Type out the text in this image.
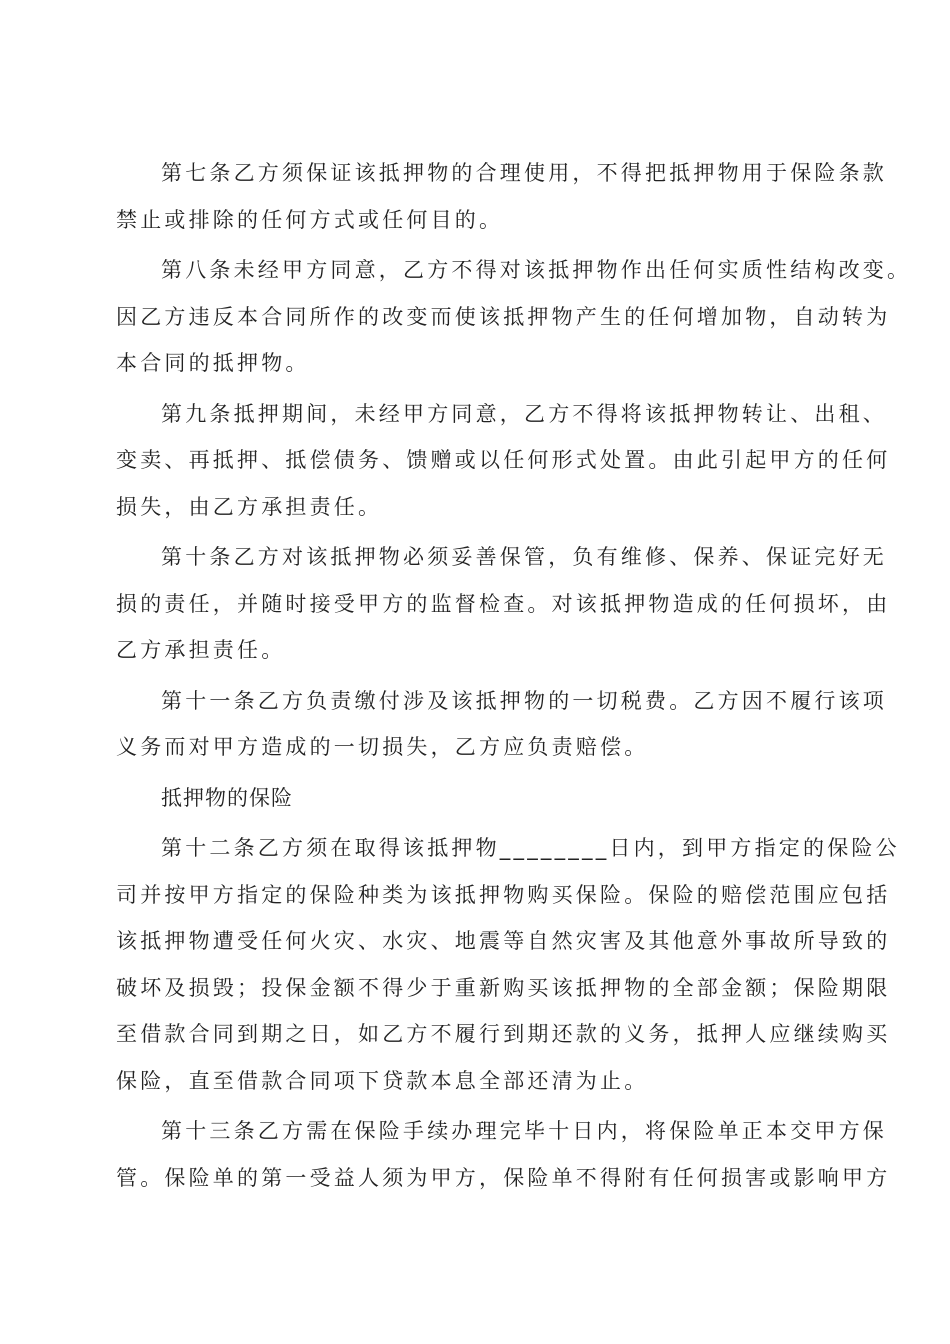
第七条乙方须保证该抵押物的合理使用，不得把抵押物用于保险条款

禁止或排除的任何方式或任何目的。

第八条未经甲方同意，乙方不得对该抵押物作出任何实质性结构改变。

因乙方违反本合同所作的改变而使该抵押物产生的任何增加物，自动转为

本合同的抵押物。

第九条抵押期间，未经甲方同意，乙方不得将该抵押物转让、出租、

变卖、再抵押、抵偿债务、馈赠或以任何形式处置。由此引起甲方的任何

损失，由乙方承担责任。

第十条乙方对该抵押物必须妥善保管，负有维修、保养、保证完好无

损的责任，并随时接受甲方的监督检查。对该抵押物造成的任何损坏，由

乙方承担责任。

第十一条乙方负责缴付涉及该抵押物的一切税费。乙方因不履行该项

义务而对甲方造成的一切损失，乙方应负责赔偿。

抵押物的保险

第十二条乙方须在取得该抵押物________日内，到甲方指定的保险公

司并按甲方指定的保险种类为该抵押物购买保险。保险的赔偿范围应包括

该抵押物遭受任何火灾、水灾、地震等自然灾害及其他意外事故所导致的

破坏及损毁；投保金额不得少于重新购买该抵押物的全部金额；保险期限

至借款合同到期之日，如乙方不履行到期还款的义务，抵押人应继续购买

保险，直至借款合同项下贷款本息全部还清为止。

第十三条乙方需在保险手续办理完毕十日内，将保险单正本交甲方保

管。保险单的第一受益人须为甲方，保险单不得附有任何损害或影响甲方
